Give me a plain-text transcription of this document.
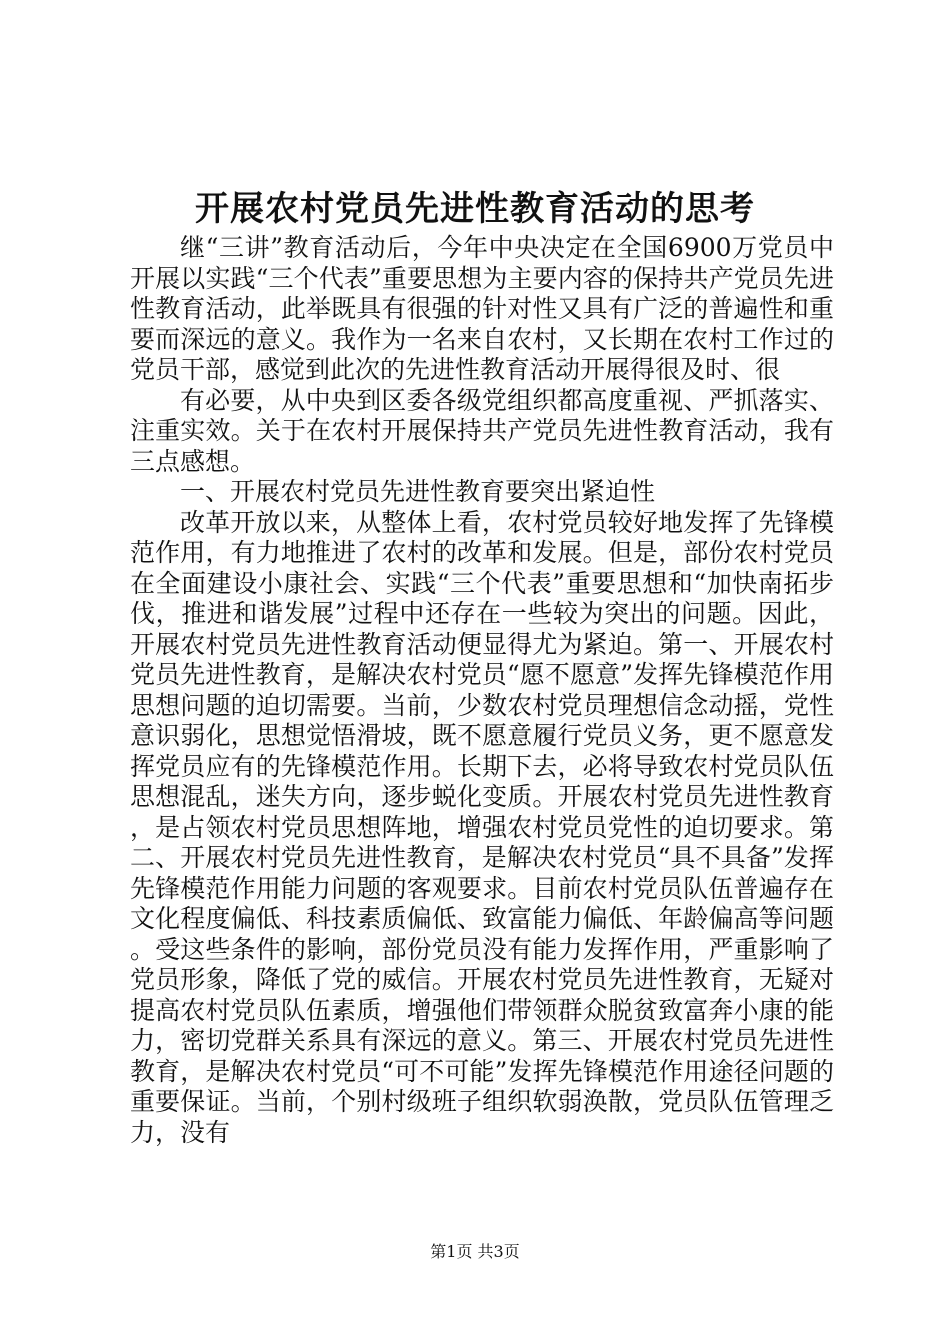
开展农村党员先进性教育活动的思考

继“三讲”教育活动后，今年中央决定在全国6900万党员中开展以实践“三个代表”重要思想为主要内容的保持共产党员先进性教育活动，此举既具有很强的针对性又具有广泛的普遍性和重要而深远的意义。我作为一名来自农村，又长期在农村工作过的党员干部，感觉到此次的先进性教育活动开展得很及时、很

有必要，从中央到区委各级党组织都高度重视、严抓落实、注重实效。关于在农村开展保持共产党员先进性教育活动，我有三点感想。

一、开展农村党员先进性教育要突出紧迫性

改革开放以来，从整体上看，农村党员较好地发挥了先锋模范作用，有力地推进了农村的改革和发展。但是，部份农村党员在全面建设小康社会、实践“三个代表”重要思想和“加快南拓步伐，推进和谐发展”过程中还存在一些较为突出的问题。因此，开展农村党员先进性教育活动便显得尤为紧迫。第一、开展农村党员先进性教育，是解决农村党员“愿不愿意”发挥先锋模范作用思想问题的迫切需要。当前，少数农村党员理想信念动摇，党性意识弱化，思想觉悟滑坡，既不愿意履行党员义务，更不愿意发挥党员应有的先锋模范作用。长期下去，必将导致农村党员队伍思想混乱，迷失方向，逐步蜕化变质。开展农村党员先进性教育，是占领农村党员思想阵地，增强农村党员党性的迫切要求。第二、开展农村党员先进性教育，是解决农村党员“具不具备”发挥先锋模范作用能力问题的客观要求。目前农村党员队伍普遍存在文化程度偏低、科技素质偏低、致富能力偏低、年龄偏高等问题。受这些条件的影响，部份党员没有能力发挥作用，严重影响了党员形象，降低了党的威信。开展农村党员先进性教育，无疑对提高农村党员队伍素质，增强他们带领群众脱贫致富奔小康的能力，密切党群关系具有深远的意义。第三、开展农村党员先进性教育，是解决农村党员“可不可能”发挥先锋模范作用途径问题的重要保证。当前，个别村级班子组织软弱涣散，党员队伍管理乏力，没有

第1页 共3页
